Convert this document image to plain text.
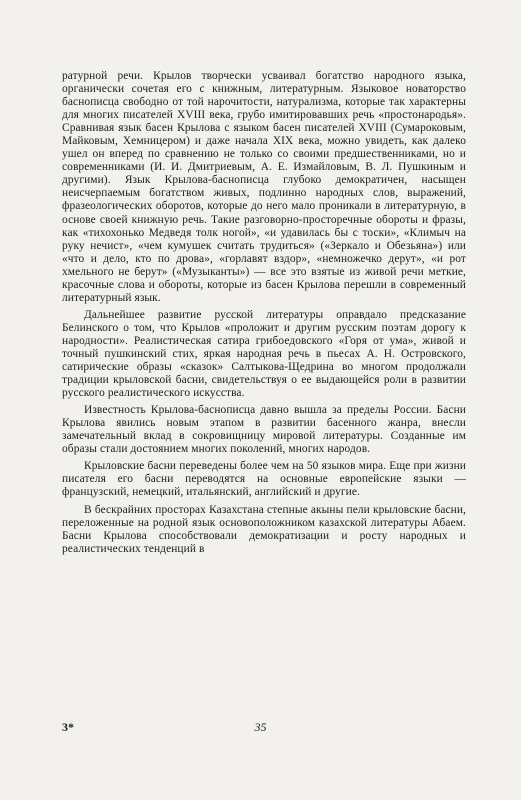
ратурной речи. Крылов творчески усваивал богатство народного языка, органически сочетая его с книжным, литературным. Языковое новаторство баснописца свободно от той нарочитости, натурализма, которые так характерны для многих писателей XVIII века, грубо имитировавших речь «простонародья». Сравнивая язык басен Крылова с языком басен писателей XVIII (Сумароковым, Майковым, Хемницером) и даже начала XIX века, можно увидеть, как далеко ушел он вперед по сравнению не только со своими предшественниками, но и современниками (И. И. Дмитриевым, А. Е. Измайловым, В. Л. Пушкиным и другими). Язык Крылова-баснописца глубоко демократичен, насыщен неисчерпаемым богатством живых, подлинно народных слов, выражений, фразеологических оборотов, которые до него мало проникали в литературную, в основе своей книжную речь. Такие разговорно-просторечные обороты и фразы, как «тихохонько Медведя толк ногой», «и удавилась бы с тоски», «Климыч на руку нечист», «чем кумушек считать трудиться» («Зеркало и Обезьяна») или «что и дело, кто по дрова», «горлавят вздор», «немножечко дерут», «и рот хмельного не берут» («Музыканты») — все это взятые из живой речи меткие, красочные слова и обороты, которые из басен Крылова перешли в современный литературный язык.

Дальнейшее развитие русской литературы оправдало предсказание Белинского о том, что Крылов «проложит и другим русским поэтам дорогу к народности». Реалистическая сатира грибоедовского «Горя от ума», живой и точный пушкинский стих, яркая народная речь в пьесах А. Н. Островского, сатирические образы «сказок» Салтыкова-Щедрина во многом продолжали традиции крыловской басни, свидетельствуя о ее выдающейся роли в развитии русского реалистического искусства.

Известность Крылова-баснописца давно вышла за пределы России. Басни Крылова явились новым этапом в развитии басенного жанра, внесли замечательный вклад в сокровищницу мировой литературы. Созданные им образы стали достоянием многих поколений, многих народов.

Крыловские басни переведены более чем на 50 языков мира. Еще при жизни писателя его басни переводятся на основные европейские языки — французский, немецкий, итальянский, английский и другие.

В бескрайних просторах Казахстана степные акыны пели крыловские басни, переложенные на родной язык основоположником казахской литературы Абаем. Басни Крылова способствовали демократизации и росту народных и реалистических тенденций в

3*	35
